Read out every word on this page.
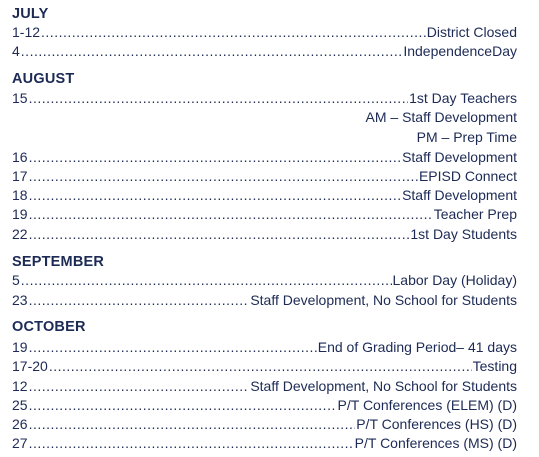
JULY
1-12 .....	District Closed
4 .....	IndependenceDay
AUGUST
15 .....	1st Day Teachers
AM – Staff Development
PM – Prep Time
16 .....	Staff Development
17 .....	EPISD Connect
18 .....	Staff Development
19 .....	Teacher Prep
22 .....	1st Day Students
SEPTEMBER
5 .....	Labor Day (Holiday)
23 .....	Staff Development, No School for Students
OCTOBER
19 .....	End of Grading Period– 41 days
17-20 .....	Testing
12 .....	Staff Development, No School for Students
25 .....	P/T Conferences (ELEM) (D)
26 .....	P/T Conferences (HS) (D)
27 .....	P/T Conferences (MS) (D)
